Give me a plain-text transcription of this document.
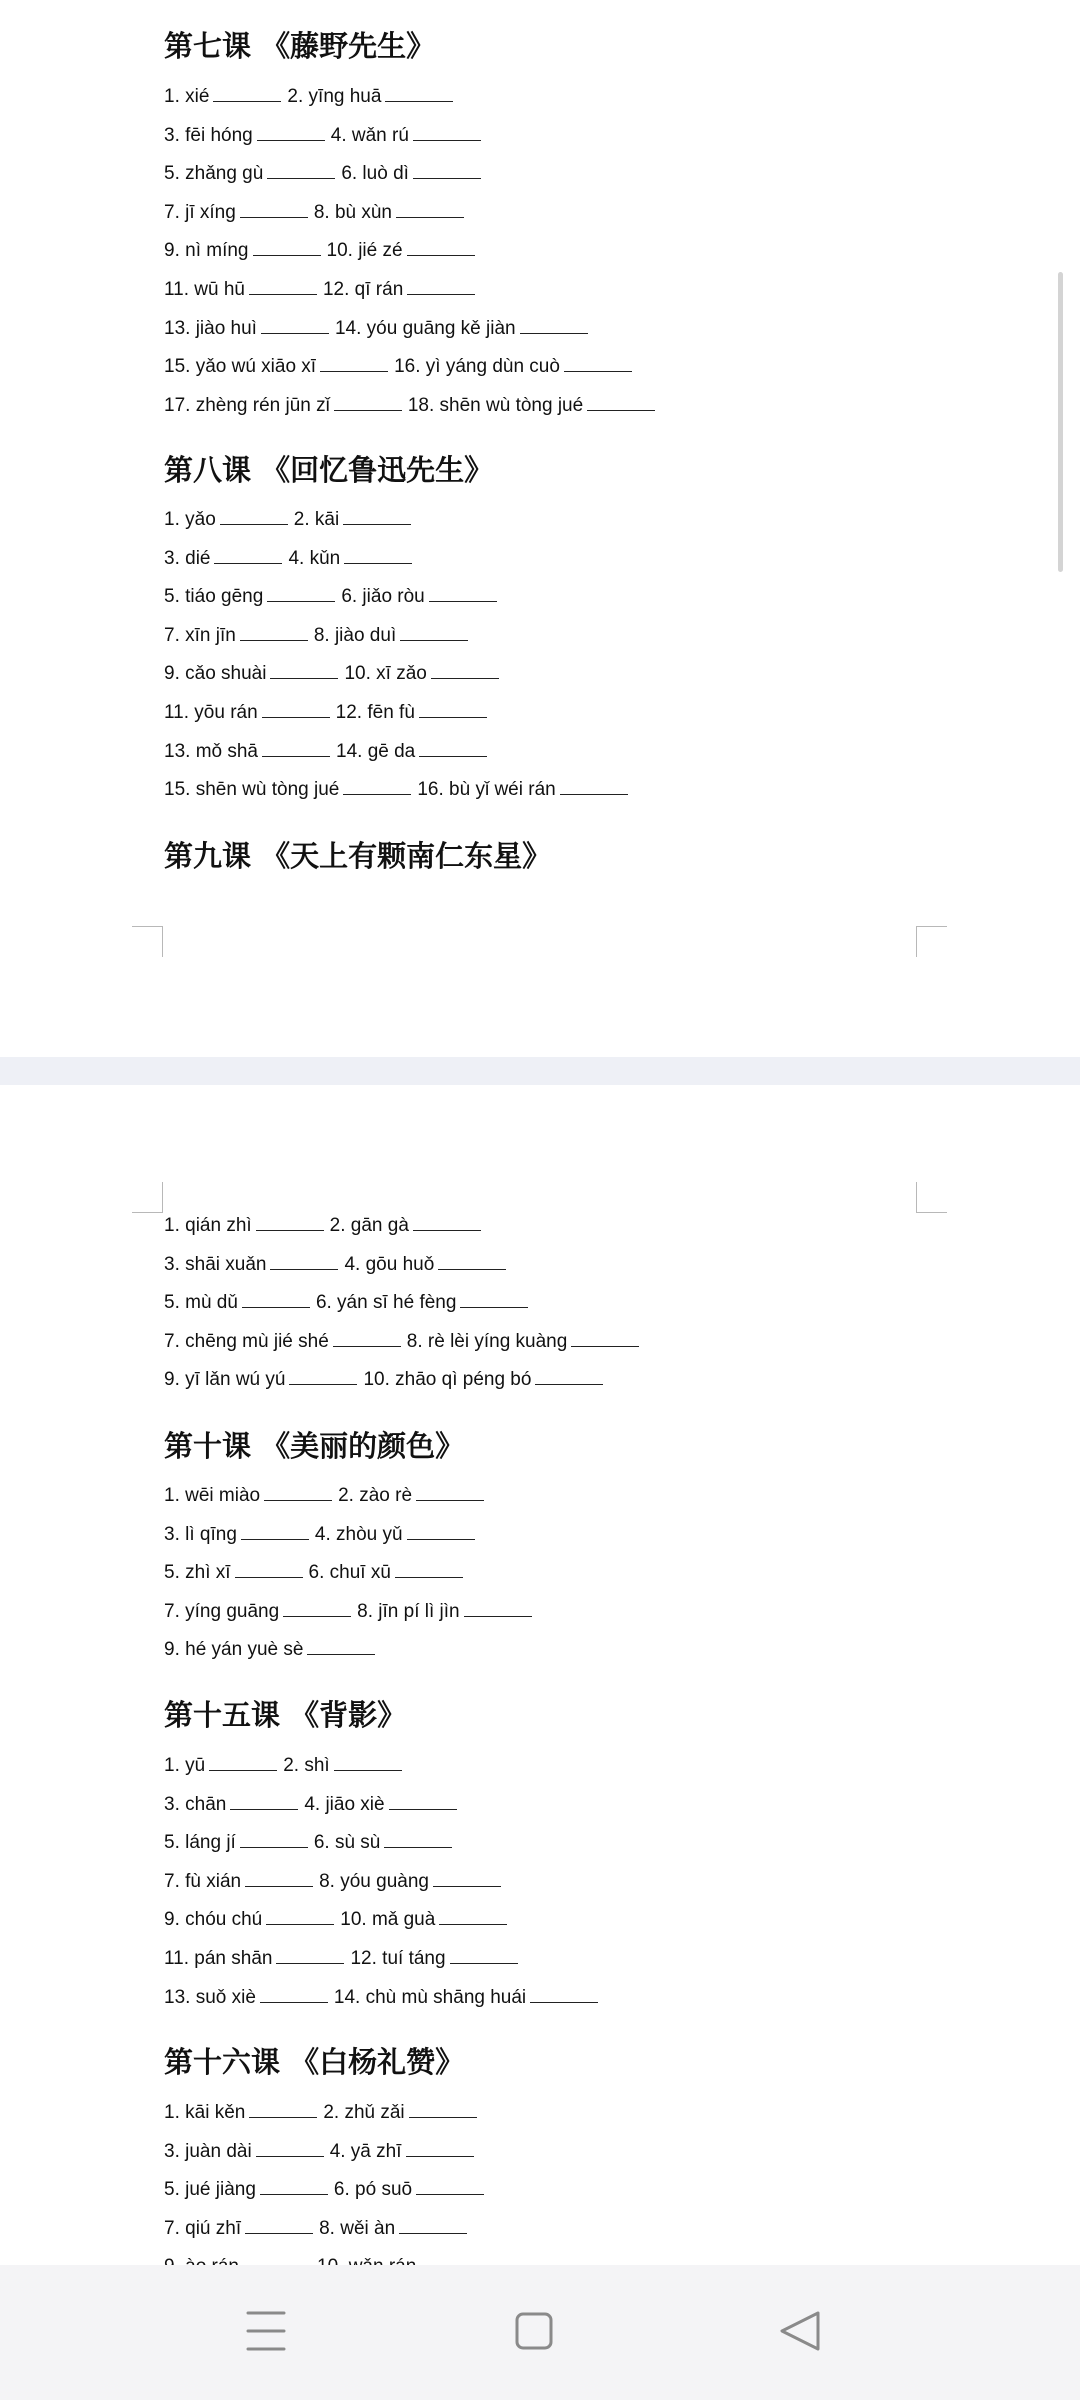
第七课 《藤野先生》
1. xié	2. yīng huā
3. fēi hóng	4. wǎn rú
5. zhǎng gù	6. luò dì
7. jī xíng	8. bù xùn
9. nì míng	10. jié zé
11. wū hū	12. qī rán
13. jiào huì	14. yóu guāng kě jiàn
15. yǎo wú xiāo xī	16. yì yáng dùn cuò
17. zhèng rén jūn zǐ	18. shēn wù tòng jué
第八课 《回忆鲁迅先生》
1. yǎo	2. kāi
3. dié	4. kǔn
5. tiáo gēng	6. jiǎo ròu
7. xīn jīn	8. jiào duì
9. cǎo shuài	10. xī zǎo
11. yōu rán	12. fēn fù
13. mǒ shā	14. gē da
15. shēn wù tòng jué	16. bù yǐ wéi rán
第九课 《天上有颗南仁东星》
1. qián zhì	2. gān gà
3. shāi xuǎn	4. gōu huǒ
5. mù dǔ	6. yán sī hé fèng
7. chēng mù jié shé	8. rè lèi yíng kuàng
9. yī lǎn wú yú	10. zhāo qì péng bó
第十课 《美丽的颜色》
1. wēi miào	2. zào rè
3. lì qīng	4. zhòu yǔ
5. zhì xī	6. chuī xū
7. yíng guāng	8. jīn pí lì jìn
9. hé yán yuè sè
第十五课 《背影》
1. yū	2. shì
3. chān	4. jiāo xiè
5. láng jí	6. sù sù
7. fù xián	8. yóu guàng
9. chóu chú	10. mǎ guà
11. pán shān	12. tuí táng
13. suǒ xiè	14. chù mù shāng huái
第十六课 《白杨礼赞》
1. kāi kěn	2. zhǔ zǎi
3. juàn dài	4. yā zhī
5. jué jiàng	6. pó suō
7. qiú zhī	8. wěi àn
